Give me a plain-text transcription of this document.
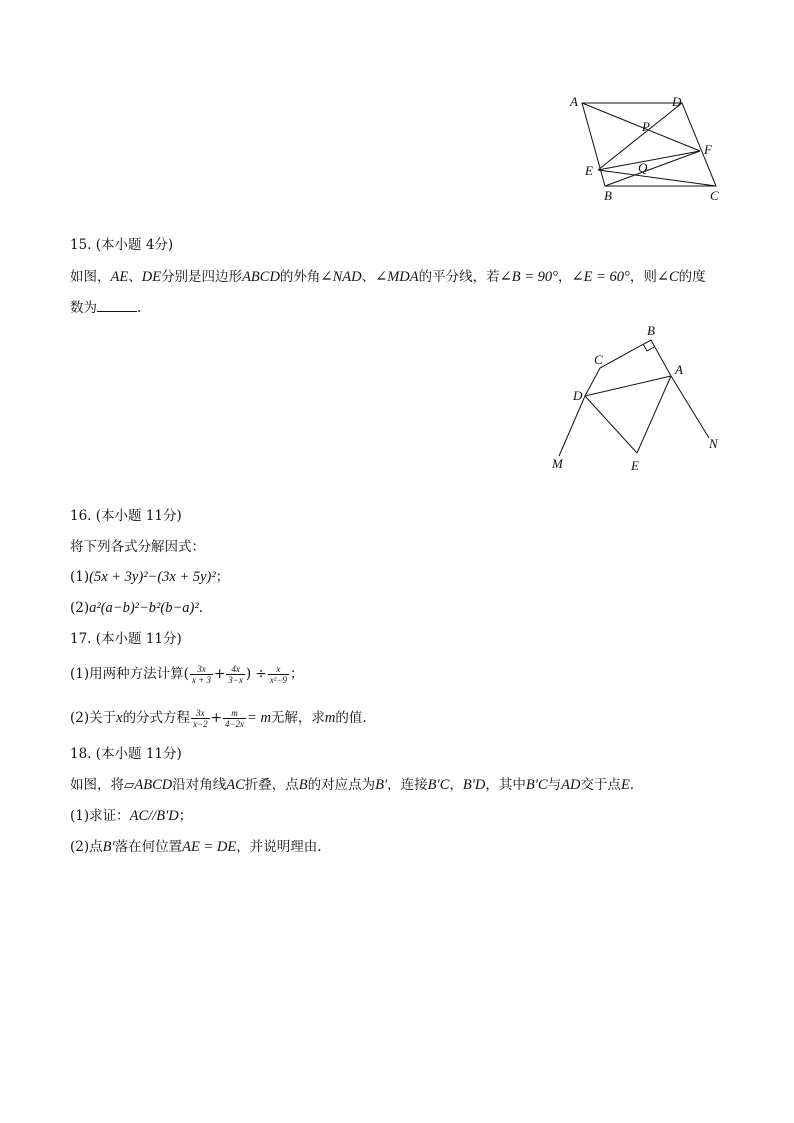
A	D
P
F
E	Q
B	C
15. (本小题 4分)
如图，AE、DE分别是四边形ABCD的外角∠NAD、∠MDA的平分线，若∠B = 90°，∠E = 60°，则∠C的度
数为	.
B
C
A
D
N
M	E
16. (本小题 11分)
将下列各式分解因式：
(1)(5x + 3y)²−(3x + 5y)²；
(2)a²(a−b)²−b²(b−a)².
17. (本小题 11分)
(1)用两种方法计算( $\frac{3x}{x + 3} + \frac{4x}{3-x}$ ) ÷ $\frac{x}{\text{x²−9}}$ ；
(2)关于x的分式方程 $\frac{3x}{x-2} + \frac{m}{4-2x} = m$无解，求m的值.
18. (本小题 11分)
如图，将▱ABCD沿对角线AC折叠，点B的对应点为B′，连接B′C，B′D，其中B′C与AD交于点E.
(1)求证：AC//B′D；
(2)点B′落在何位置AE = DE，并说明理由.
